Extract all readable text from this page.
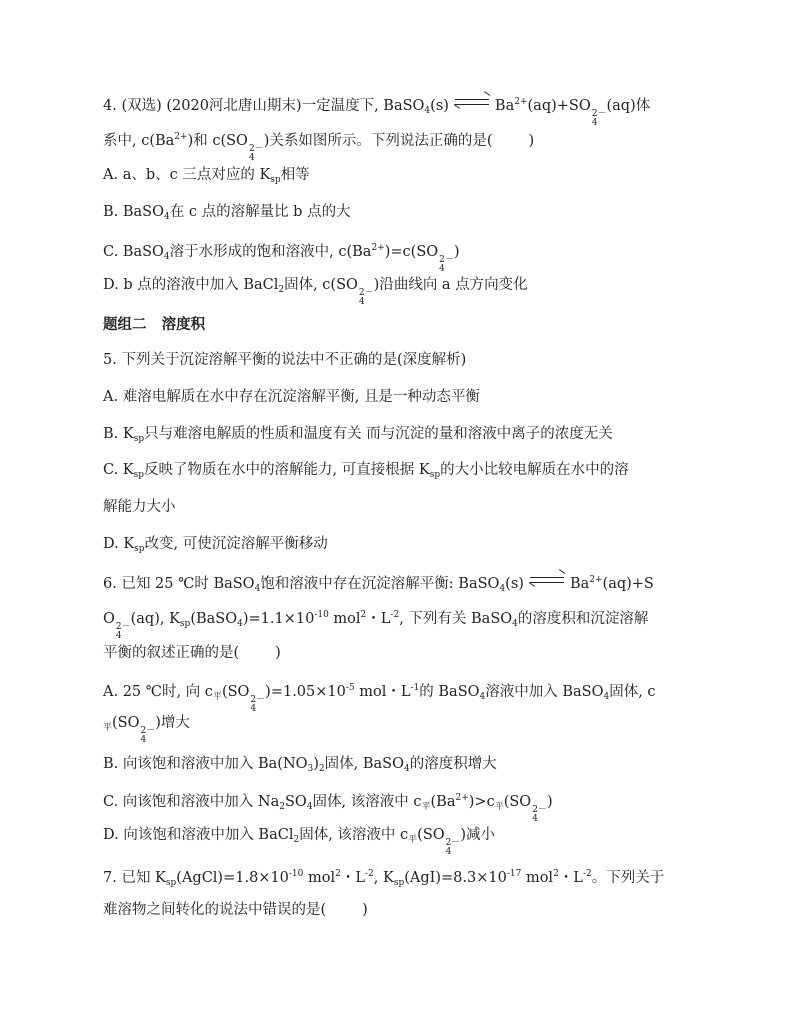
4. (双选) (2020河北唐山期末)一定温度下, BaSO$_4$(s)	$Ba^{2+}(aq)+SO$ 2－
4
(aq)体
系中, $c(Ba^{2+})$和 c(SO 2－
4
)关系如图所示。下列说法正确的是( )
A. a、b、c 三点对应的 $K_{sp}$相等
B. BaSO$_4$在 c 点的溶解量比 b 点的大
C. BaSO$_4$溶于水形成的饱和溶液中, $c(Ba^{2+})=c(SO$ 2－
4
)
D. b 点的溶液中加入 BaCl$_2$固体, c(SO 2－
4
)沿曲线向 a 点方向变化
题组二 溶度积
5. 下列关于沉淀溶解平衡的说法中不正确的是(深度解析)
A. 难溶电解质在水中存在沉淀溶解平衡, 且是一种动态平衡
B. $K_{sp}$只与难溶电解质的性质和温度有关 而与沉淀的量和溶液中离子的浓度无关
C. $K_{sp}$反映了物质在水中的溶解能力, 可直接根据 $K_{sp}$的大小比较电解质在水中的溶
解能力大小
D. $K_{sp}$改变, 可使沉淀溶解平衡移动
6. 已知 25 ℃时 BaSO$_4$饱和溶液中存在沉淀溶解平衡: BaSO$_4$(s)	$Ba^{2+}(aq)+S$
O 2－
4
(aq), $K_{sp}(BaSO_4)=1.1\times 10^{-10}$ mol$^2$・$L^{-2}$, 下列有关 BaSO$_4$的溶度积和沉淀溶解
平衡的叙述正确的是( )
A. 25 ℃时, 向 $c_平(SO$ 2－
4
)$=1.05\times 10^{-5}$ mol・$L^{-1}$的 BaSO$_4$溶液中加入 BaSO$_4$固体, c
$_平$(SO 2－
4
)增大
B. 向该饱和溶液中加入 $Ba(NO_3)_2$固体, BaSO$_4$的溶度积增大
C. 向该饱和溶液中加入 $Na_2SO_4$固体, 该溶液中 $c_平(Ba^{2+})>c_平(SO$ 2－
4
)
D. 向该饱和溶液中加入 BaCl$_2$固体, 该溶液中 $c_平(SO$ 2－
4
)减小
7. 已知 $K_{sp}(AgCl)=1.8\times 10^{-10}$ mol$^2$・$L^{-2}$, $K_{sp}(AgI)=8.3\times 10^{-17}$ mol$^2$・$L^{-2}$。下列关于
难溶物之间转化的说法中错误的是( )
